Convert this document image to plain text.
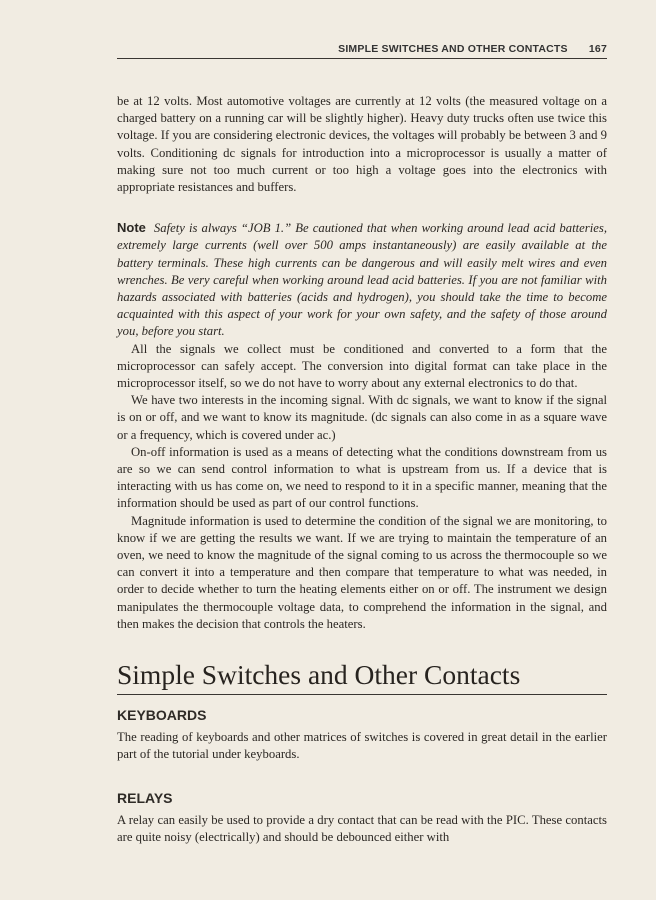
SIMPLE SWITCHES AND OTHER CONTACTS 167

be at 12 volts. Most automotive voltages are currently at 12 volts (the measured voltage on a charged battery on a running car will be slightly higher). Heavy duty trucks often use twice this voltage. If you are considering electronic devices, the voltages will probably be between 3 and 9 volts. Conditioning dc signals for introduction into a microprocessor is usually a matter of making sure not too much current or too high a voltage goes into the electronics with appropriate resistances and buffers.

Note Safety is always “JOB 1.” Be cautioned that when working around lead acid batteries, extremely large currents (well over 500 amps instantaneously) are easily available at the battery terminals. These high currents can be dangerous and will easily melt wires and even wrenches. Be very careful when working around lead acid batteries. If you are not familiar with hazards associated with batteries (acids and hydrogen), you should take the time to become acquainted with this aspect of your work for your own safety, and the safety of those around you, before you start.

All the signals we collect must be conditioned and converted to a form that the microprocessor can safely accept. The conversion into digital format can take place in the microprocessor itself, so we do not have to worry about any external electronics to do that.

We have two interests in the incoming signal. With dc signals, we want to know if the signal is on or off, and we want to know its magnitude. (dc signals can also come in as a square wave or a frequency, which is covered under ac.)

On-off information is used as a means of detecting what the conditions downstream from us are so we can send control information to what is upstream from us. If a device that is interacting with us has come on, we need to respond to it in a specific manner, meaning that the information should be used as part of our control functions.

Magnitude information is used to determine the condition of the signal we are monitoring, to know if we are getting the results we want. If we are trying to maintain the temperature of an oven, we need to know the magnitude of the signal coming to us across the thermocouple so we can convert it into a temperature and then compare that temperature to what was needed, in order to decide whether to turn the heating elements either on or off. The instrument we design manipulates the thermocouple voltage data, to comprehend the information in the signal, and then makes the decision that controls the heaters.

Simple Switches and Other Contacts
KEYBOARDS

The reading of keyboards and other matrices of switches is covered in great detail in the earlier part of the tutorial under keyboards.

RELAYS

A relay can easily be used to provide a dry contact that can be read with the PIC. These contacts are quite noisy (electrically) and should be debounced either with
